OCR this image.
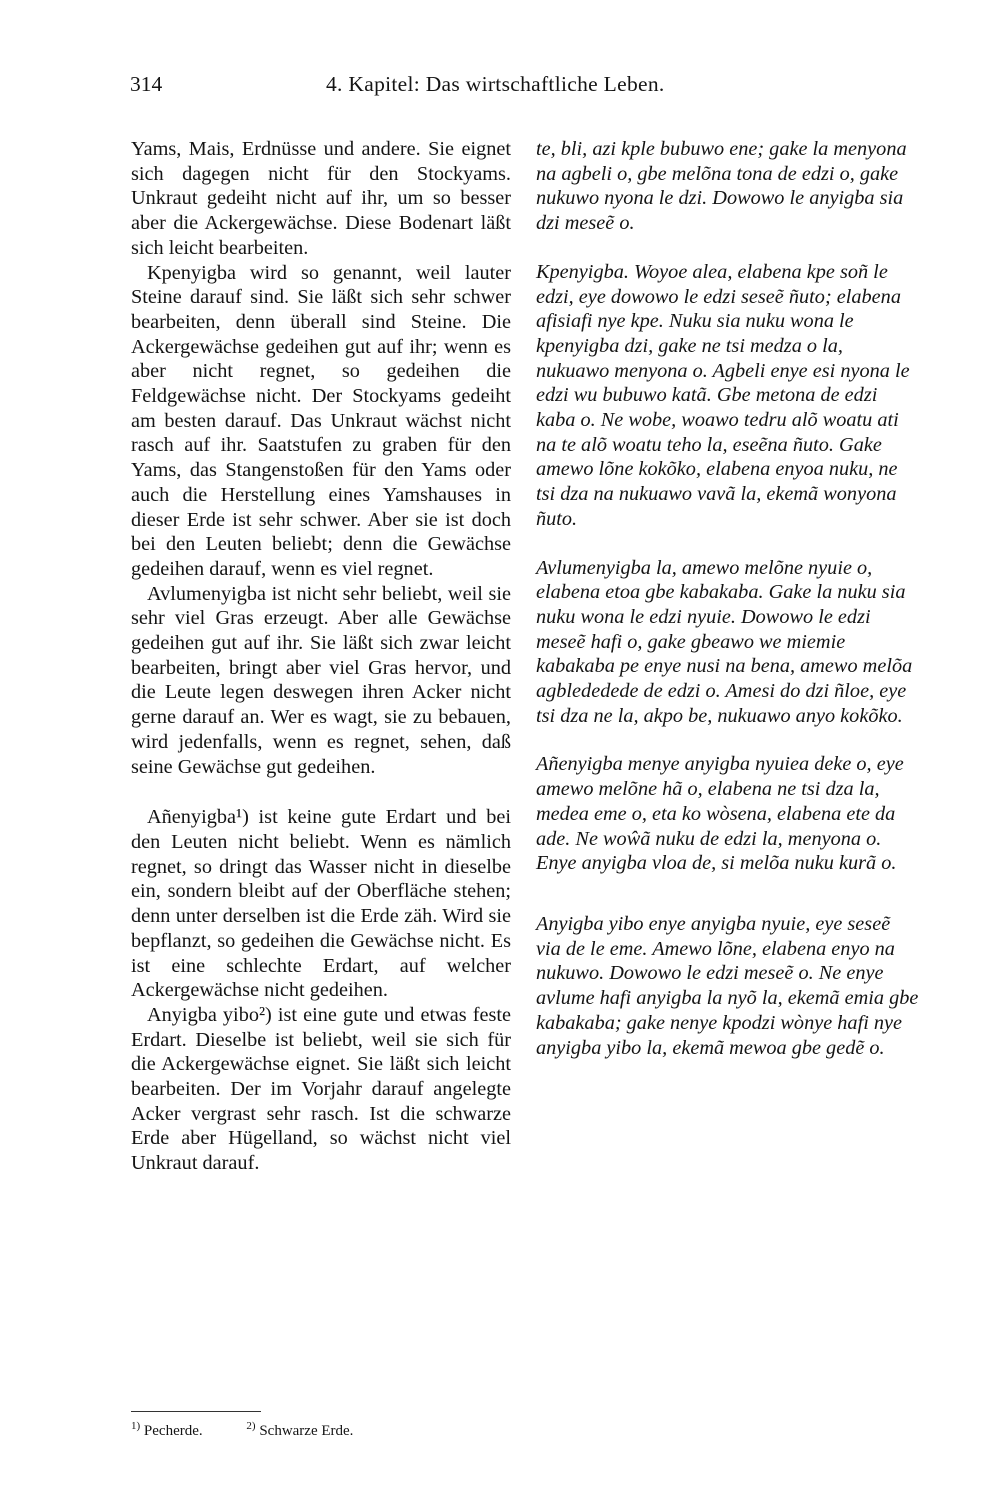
314	4. Kapitel: Das wirtschaftliche Leben.

Yams, Mais, Erdnüsse und andere. Sie eignet sich dagegen nicht für den Stockyams. Unkraut gedeiht nicht auf ihr, um so besser aber die Ackergewächse. Diese Bodenart läßt sich leicht bearbeiten.

Kpenyigba wird so genannt, weil lauter Steine darauf sind. Sie läßt sich sehr schwer bearbeiten, denn überall sind Steine. Die Ackergewächse gedeihen gut auf ihr; wenn es aber nicht regnet, so gedeihen die Feldgewächse nicht. Der Stockyams gedeiht am besten darauf. Das Unkraut wächst nicht rasch auf ihr. Saatstufen zu graben für den Yams, das Stangenstoßen für den Yams oder auch die Herstellung eines Yamshauses in dieser Erde ist sehr schwer. Aber sie ist doch bei den Leuten beliebt; denn die Gewächse gedeihen darauf, wenn es viel regnet.

Avlumenyigba ist nicht sehr beliebt, weil sie sehr viel Gras erzeugt. Aber alle Gewächse gedeihen gut auf ihr. Sie läßt sich zwar leicht bearbeiten, bringt aber viel Gras hervor, und die Leute legen deswegen ihren Acker nicht gerne darauf an. Wer es wagt, sie zu bebauen, wird jedenfalls, wenn es regnet, sehen, daß seine Gewächse gut gedeihen.

Añenyigba¹) ist keine gute Erdart und bei den Leuten nicht beliebt. Wenn es nämlich regnet, so dringt das Wasser nicht in dieselbe ein, sondern bleibt auf der Oberfläche stehen; denn unter derselben ist die Erde zäh. Wird sie bepflanzt, so gedeihen die Gewächse nicht. Es ist eine schlechte Erdart, auf welcher Ackergewächse nicht gedeihen.

Anyigba yibo²) ist eine gute und etwas feste Erdart. Dieselbe ist beliebt, weil sie sich für die Ackergewächse eignet. Sie läßt sich leicht bearbeiten. Der im Vorjahr darauf angelegte Acker vergrast sehr rasch. Ist die schwarze Erde aber Hügelland, so wächst nicht viel Unkraut darauf.

te, bli, azi kple bubuwo ene; gake la menyona na agbeli o, gbe melõna tona de edzi o, gake nukuwo nyona le dzi. Dowowo le anyigba sia dzi meseẽ o.

Kpenyigba. Woyoe alea, elabena kpe soñ le edzi, eye dowowo le edzi seseẽ ñuto; elabena afisiafi nye kpe. Nuku sia nuku wona le kpenyigba dzi, gake ne tsi medza o la, nukuawo menyona o. Agbeli enye esi nyona le edzi wu bubuwo katã. Gbe metona de edzi kaba o. Ne wobe, woawo tedru alõ woatu ati na te alõ woatu teho la, eseẽna ñuto. Gake amewo lõne kokõko, elabena enyoa nuku, ne tsi dza na nukuawo vavã la, ekemã wonyona ñuto.

Avlumenyigba la, amewo melõne nyuie o, elabena etoa gbe kabakaba. Gake la nuku sia nuku wona le edzi nyuie. Dowowo le edzi meseẽ hafi o, gake gbeawo we miemie kabakaba pe enye nusi na bena, amewo melõa agblededede de edzi o. Amesi do dzi ñloe, eye tsi dza ne la, akpo be, nukuawo anyo kokõko.

Añenyigba menye anyigba nyuiea deke o, eye amewo melõne hã o, elabena ne tsi dza la, medea eme o, eta ko wòsena, elabena ete da ade. Ne woŵã nuku de edzi la, menyona o. Enye anyigba vloa de, si melõa nuku kurã o.

Anyigba yibo enye anyigba nyuie, eye seseẽ via de le eme. Amewo lõne, elabena enyo na nukuwo. Dowowo le edzi meseẽ o. Ne enye avlume hafi anyigba la nyõ la, ekemã emia gbe kabakaba; gake nenye kpodzi wònye hafi nye anyigba yibo la, ekemã mewoa gbe gedẽ o.

$^{1)}$ Pecherde.	$^{2)}$ Schwarze Erde.
